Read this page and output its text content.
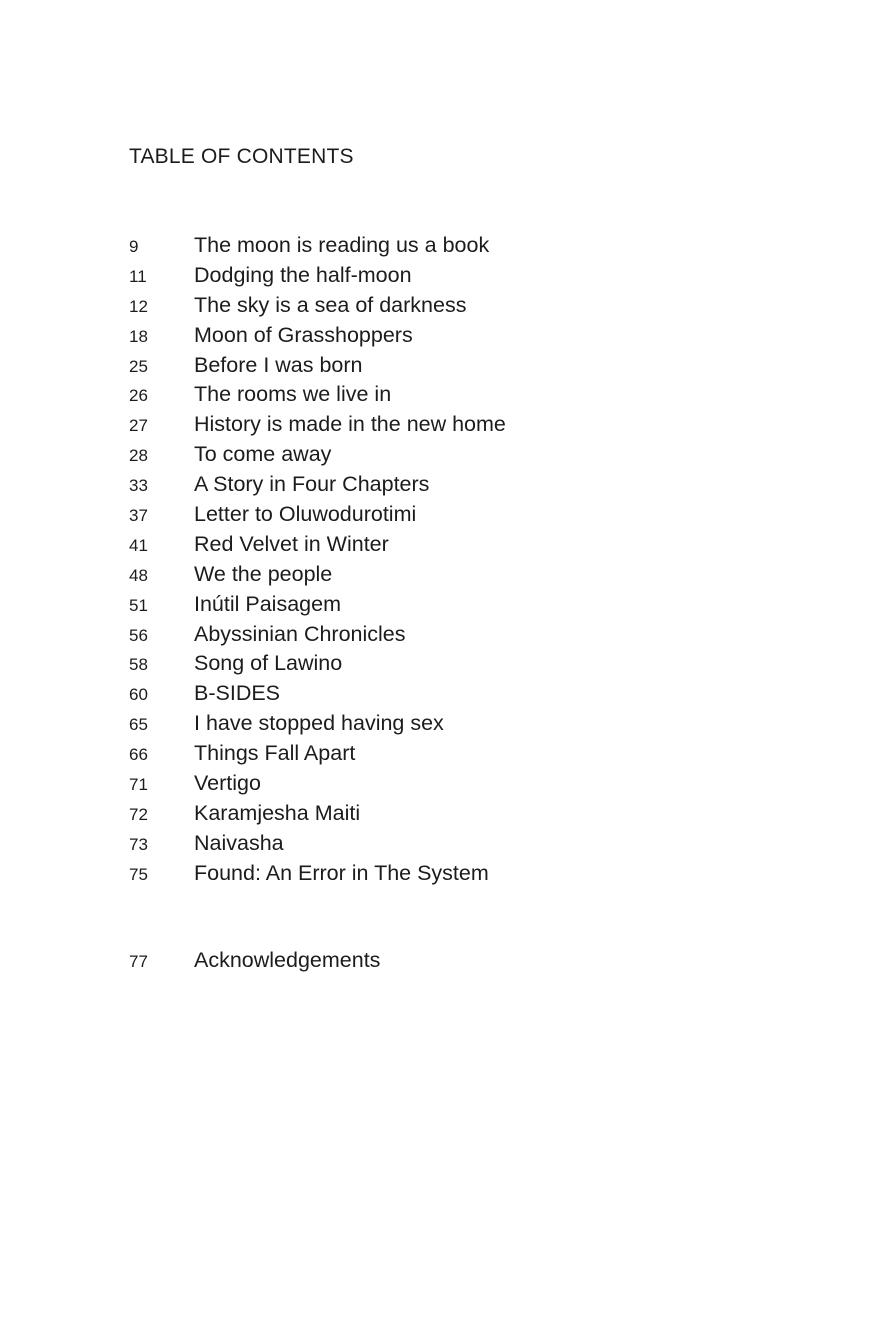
TABLE OF CONTENTS
9	The moon is reading us a book
11	Dodging the half-moon
12	The sky is a sea of darkness
18	Moon of Grasshoppers
25	Before I was born
26	The rooms we live in
27	History is made in the new home
28	To come away
33	A Story in Four Chapters
37	Letter to Oluwodurotimi
41	Red Velvet in Winter
48	We the people
51	Inútil Paisagem
56	Abyssinian Chronicles
58	Song of Lawino
60	B-SIDES
65	I have stopped having sex
66	Things Fall Apart
71	Vertigo
72	Karamjesha Maiti
73	Naivasha
75	Found: An Error in The System
77	Acknowledgements
